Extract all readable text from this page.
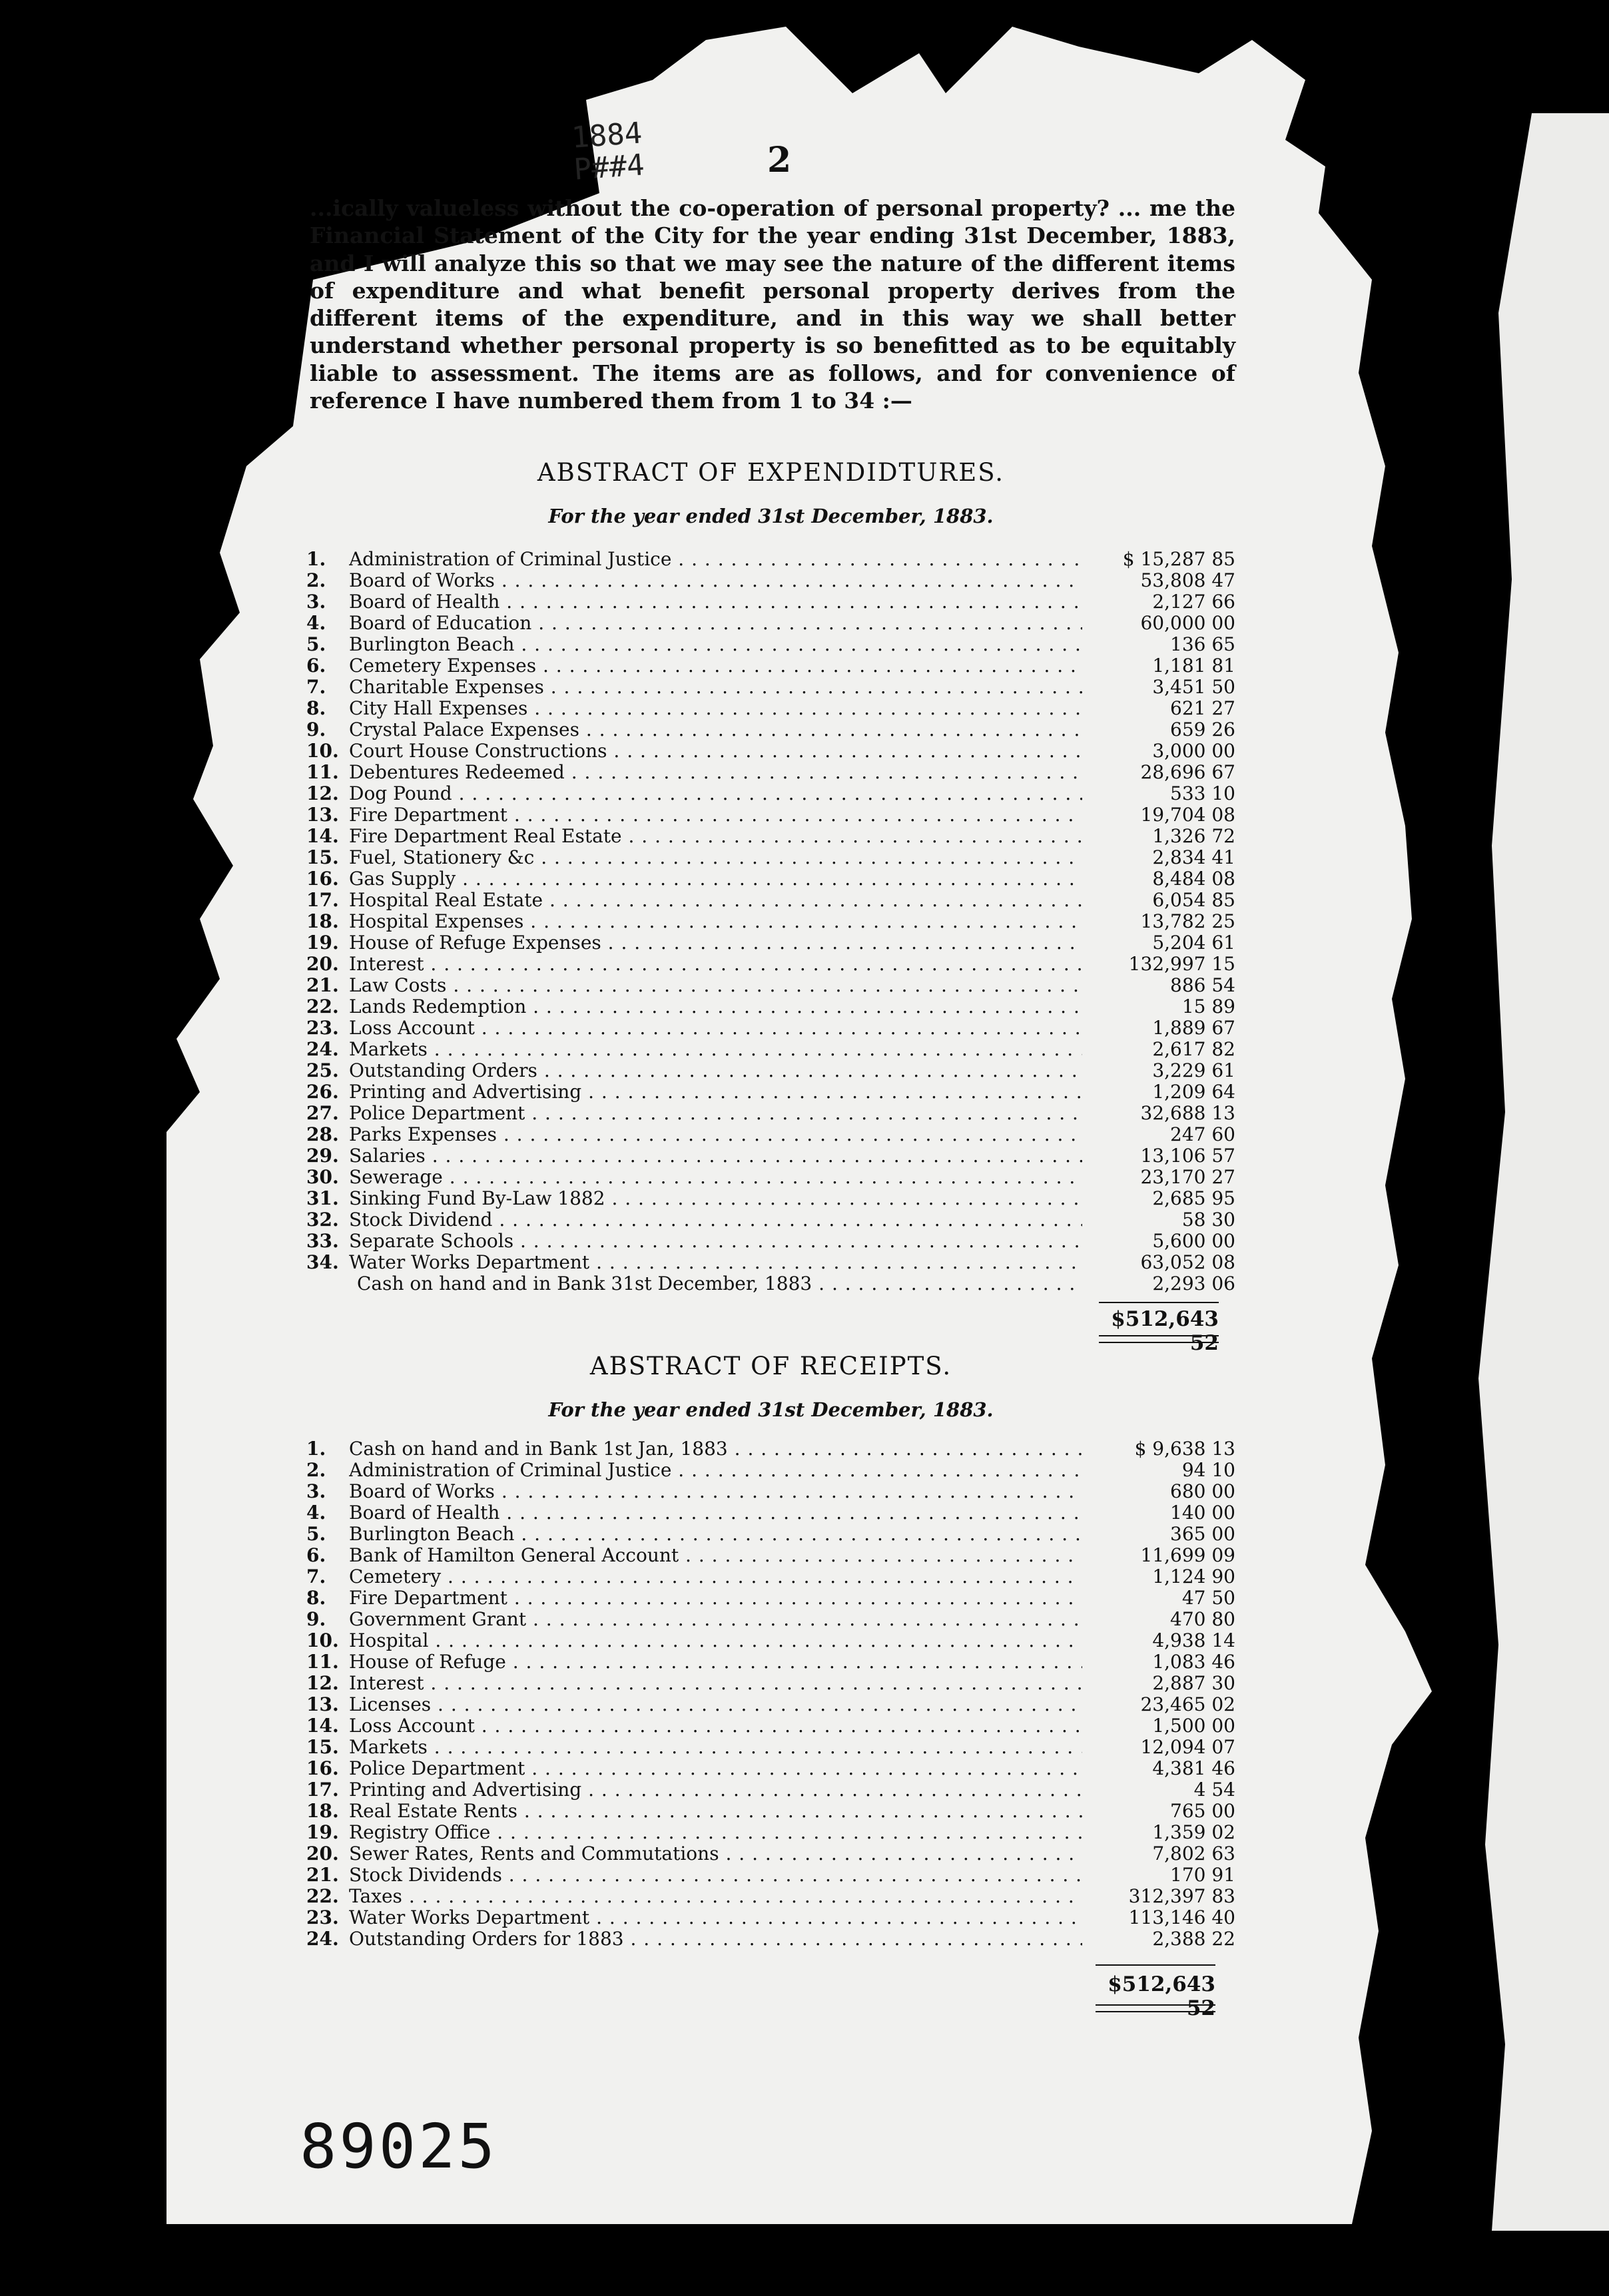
1884
P##4	2
...ically valueless without the co-operation of personal property? ... me the Financial Statement of the City for the year ending 31st December, 1883, and I will analyze this so that we may see the nature of the different items of expenditure and what benefit personal property derives from the different items of the expenditure, and in this way we shall better understand whether personal property is so benefitted as to be equitably liable to assessment. The items are as follows, and for convenience of reference I have numbered them from 1 to 34 :—
ABSTRACT OF EXPENDIDTURES.
For the year ended 31st December, 1883.
1.	Administration of Criminal Justice . . .	$ 15,287 85
2.	Board of Works . . .	53,808 47
3.	Board of Health . . .	2,127 66
4.	Board of Education . . .	60,000 00
5.	Burlington Beach . . .	136 65
6.	Cemetery Expenses . . .	1,181 81
7.	Charitable Expenses . . .	3,451 50
8.	City Hall Expenses . . .	621 27
9.	Crystal Palace Expenses . . .	659 26
10. Court House Constructions . . .	3,000 00
11. Debentures Redeemed . . .	28,696 67
12. Dog Pound . . .	533 10
13. Fire Department . . .	19,704 08
14. Fire Department Real Estate . . .	1,326 72
15. Fuel, Stationery &c . . .	2,834 41
16. Gas Supply . . .	8,484 08
17. Hospital Real Estate . . .	6,054 85
18. Hospital Expenses . . .	13,782 25
19. House of Refuge Expenses . . .	5,204 61
20. Interest . . .	132,997 15
21. Law Costs . . .	886 54
22. Lands Redemption . . .	15 89
23. Loss Account . . .	1,889 67
24. Markets . . .	2,617 82
25. Outstanding Orders . . .	3,229 61
26. Printing and Advertising . . .	1,209 64
27. Police Department . . .	32,688 13
28. Parks Expenses . . .	247 60
29. Salaries . . .	13,106 57
30. Sewerage . . .	23,170 27
31. Sinking Fund By-Law 1882 . . .	2,685 95
32. Stock Dividend . . .	58 30
33. Separate Schools . . .	5,600 00
34. Water Works Department . . .	63,052 08
Cash on hand and in Bank 31st December, 1883 . . .	2,293 06
$512,643 52
ABSTRACT OF RECEIPTS.
For the year ended 31st December, 1883.
1.	Cash on hand and in Bank 1st Jan, 1883 . . .	$ 9,638 13
2.	Administration of Criminal Justice . . .	94 10
3.	Board of Works . . .	680 00
4.	Board of Health . . .	140 00
5.	Burlington Beach . . .	365 00
6.	Bank of Hamilton General Account . . .	11,699 09
7.	Cemetery . . .	1,124 90
8.	Fire Department . . .	47 50
9.	Government Grant . . .	470 80
10. Hospital . . .	4,938 14
11. House of Refuge . . .	1,083 46
12. Interest . . .	2,887 30
13. Licenses . . .	23,465 02
14. Loss Account . . .	1,500 00
15. Markets . . .	12,094 07
16. Police Department . . .	4,381 46
17. Printing and Advertising . . .	4 54
18. Real Estate Rents . . .	765 00
19. Registry Office . . .	1,359 02
20. Sewer Rates, Rents and Commutations . . .	7,802 63
21. Stock Dividends . . .	170 91
22. Taxes . . .	312,397 83
23. Water Works Department . . .	113,146 40
24. Outstanding Orders for 1883 . . .	2,388 22
$512,643 52
89025
